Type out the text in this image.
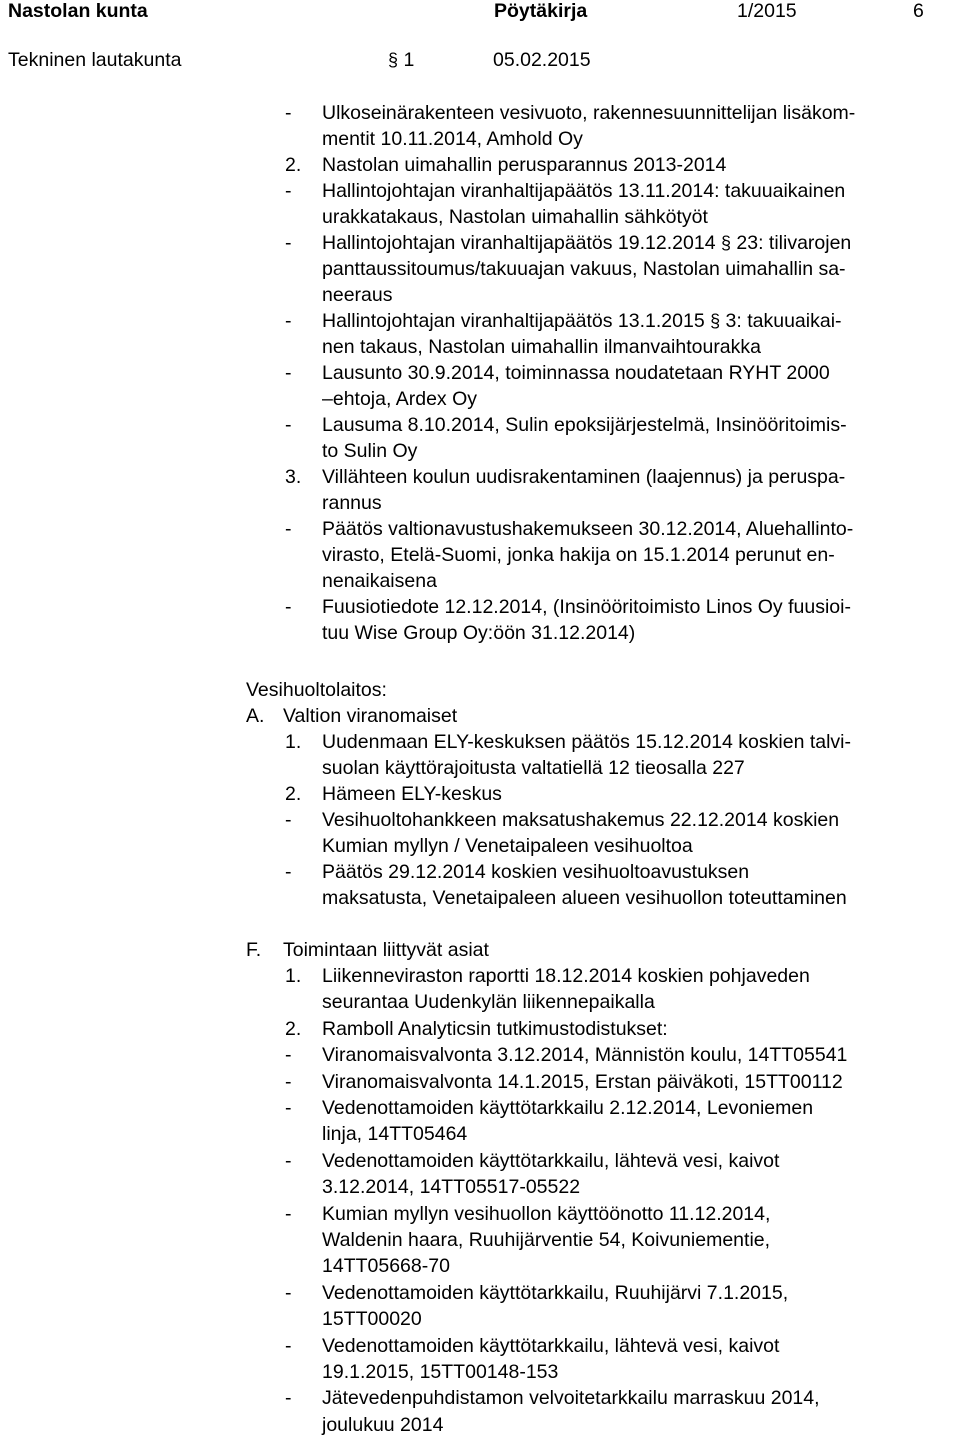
Nastolan kunta	Pöytäkirja	1/2015	6
Tekninen lautakunta	§ 1	05.02.2015
- Ulkoseinärakenteen vesivuoto, rakennesuunnittelijan lisäkom-
mentit 10.11.2014, Amhold Oy
2. Nastolan uimahallin perusparannus 2013-2014
- Hallintojohtajan viranhaltijapäätös 13.11.2014: takuuaikainen
urakkatakaus, Nastolan uimahallin sähkötyöt
- Hallintojohtajan viranhaltijapäätös 19.12.2014 § 23: tilivarojen
panttaussitoumus/takuuajan vakuus, Nastolan uimahallin sa-
neeraus
- Hallintojohtajan viranhaltijapäätös 13.1.2015 § 3: takuuaikai-
nen takaus, Nastolan uimahallin ilmanvaihtourakka
- Lausunto 30.9.2014, toiminnassa noudatetaan RYHT 2000
–ehtoja, Ardex Oy
- Lausuma 8.10.2014, Sulin epoksijärjestelmä, Insinööritoimis-
to Sulin Oy
3. Villähteen koulun uudisrakentaminen (laajennus) ja peruspa-
rannus
- Päätös valtionavustushakemukseen 30.12.2014, Aluehallinto-
virasto, Etelä-Suomi, jonka hakija on 15.1.2014 perunut en-
nenaikaisena
- Fuusiotiedote 12.12.2014, (Insinööritoimisto Linos Oy fuusioi-
tuu Wise Group Oy:öön 31.12.2014)
Vesihuoltolaitos:
A. Valtion viranomaiset
1. Uudenmaan ELY-keskuksen päätös 15.12.2014 koskien talvi-
suolan käyttörajoitusta valtatiellä 12 tieosalla 227
2. Hämeen ELY-keskus
- Vesihuoltohankkeen maksatushakemus 22.12.2014 koskien
Kumian myllyn / Venetaipaleen vesihuoltoa
- Päätös 29.12.2014 koskien vesihuoltoavustuksen
maksatusta, Venetaipaleen alueen vesihuollon toteuttaminen
F. Toimintaan liittyvät asiat
1. Liikenneviraston raportti 18.12.2014 koskien pohjaveden
seurantaa Uudenkylän liikennepaikalla
2. Ramboll Analyticsin tutkimustodistukset:
- Viranomaisvalvonta 3.12.2014, Männistön koulu, 14TT05541
- Viranomaisvalvonta 14.1.2015, Erstan päiväkoti, 15TT00112
- Vedenottamoiden käyttötarkkailu 2.12.2014, Levoniemen
linja, 14TT05464
- Vedenottamoiden käyttötarkkailu, lähtevä vesi, kaivot
3.12.2014, 14TT05517-05522
- Kumian myllyn vesihuollon käyttöönotto 11.12.2014,
Waldenin haara, Ruuhijärventie 54, Koivuniementie,
14TT05668-70
- Vedenottamoiden käyttötarkkailu, Ruuhijärvi 7.1.2015,
15TT00020
- Vedenottamoiden käyttötarkkailu, lähtevä vesi, kaivot
19.1.2015, 15TT00148-153
- Jätevedenpuhdistamon velvoitetarkkailu marraskuu 2014,
joulukuu 2014
